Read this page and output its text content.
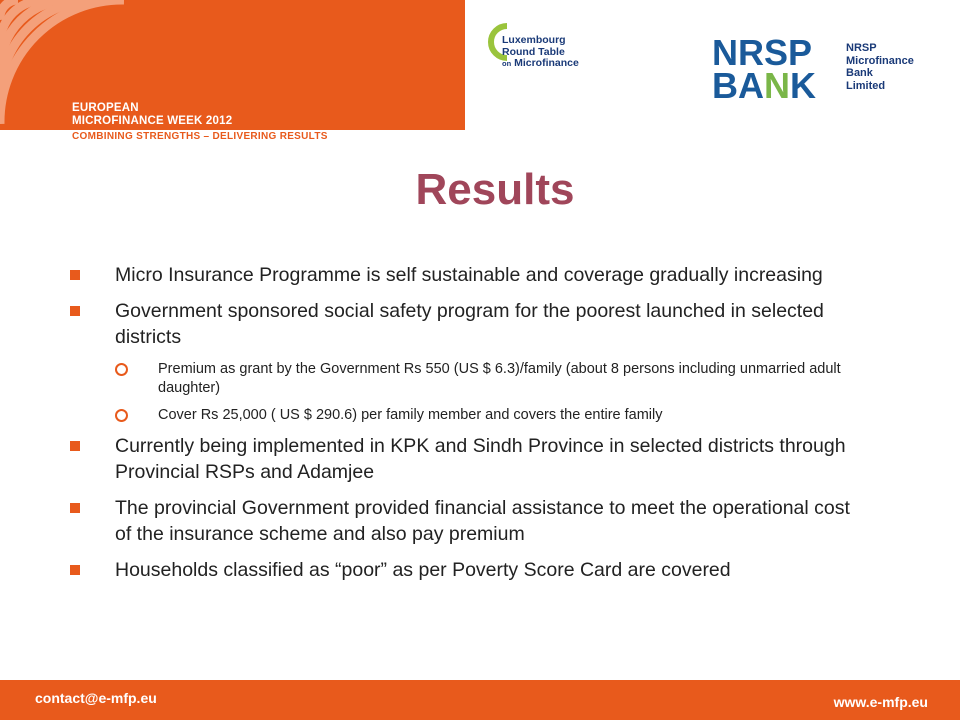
EUROPEAN
MICROFINANCE WEEK 2012
COMBINING STRENGTHS – DELIVERING RESULTS
Luxembourg
Round Table
on Microfinance	NRSP
BANK
NRSP
Microfinance
Bank
Limited
Results
Micro Insurance Programme is self sustainable and coverage gradually increasing
Government sponsored social safety program for the poorest launched in selected districts
Premium as grant by the Government Rs 550 (US $ 6.3)/family (about 8 persons including unmarried adult daughter)
Cover Rs 25,000 ( US $ 290.6) per family member and covers the entire family
Currently being implemented in KPK and Sindh Province in selected districts through Provincial RSPs and Adamjee
The provincial Government provided financial assistance to meet the operational cost of the insurance scheme and also pay premium
Households classified as “poor” as per Poverty Score Card are covered
contact@e-mfp.eu	www.e-mfp.eu
